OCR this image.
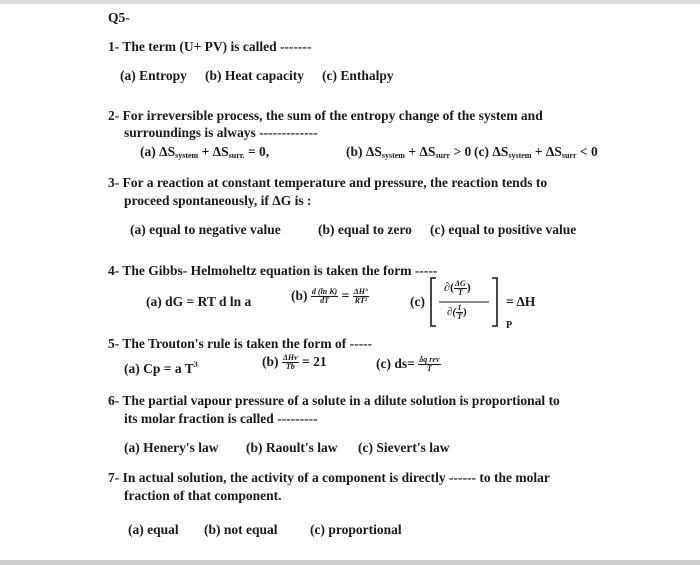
Q5-
1- The term (U+ PV) is called -------
(a) Entropy (b) Heat capacity (c) Enthalpy
2- For irreversible process, the sum of the entropy change of the system and
surroundings is always -------------
(a) $\Delta S_{system} + \Delta S_{surr.} = 0$,	(b) $\Delta S_{system} + \Delta S_{surr} > 0$ (c) $\Delta S_{system} + \Delta S_{surr} < 0$
3- For a reaction at constant temperature and pressure, the reaction tends to
proceed spontaneously, if ΔG is :
(a) equal to negative value	(b) equal to zero (c) equal to positive value
4- The Gibbs- Helmoheltz equation is taken the form -----
(a) dG = RT d ln a	$(b) \frac{\text{d (ln K)}}{dT} = \frac{\Delta H^\circ}{\text{RT²}}$	(c)
∂( $\frac{\Delta G}{T}$ )
∂( $\frac{1}{T}$ )
P
= ΔH
5- The Trouton's rule is taken the form of -----
(a) Cp = a $T^3$	$(b) \frac{\text{ΔHv}}{Tb} = 21$	(c) $ds= \frac{\text{δq rev}}{T}$
6- The partial vapour pressure of a solute in a dilute solution is proportional to
its molar fraction is called ---------
(a) Henery's law (b) Raoult's law (c) Sievert's law
7- In actual solution, the activity of a component is directly ------ to the molar
fraction of that component.
(a) equal (b) not equal (c) proportional
